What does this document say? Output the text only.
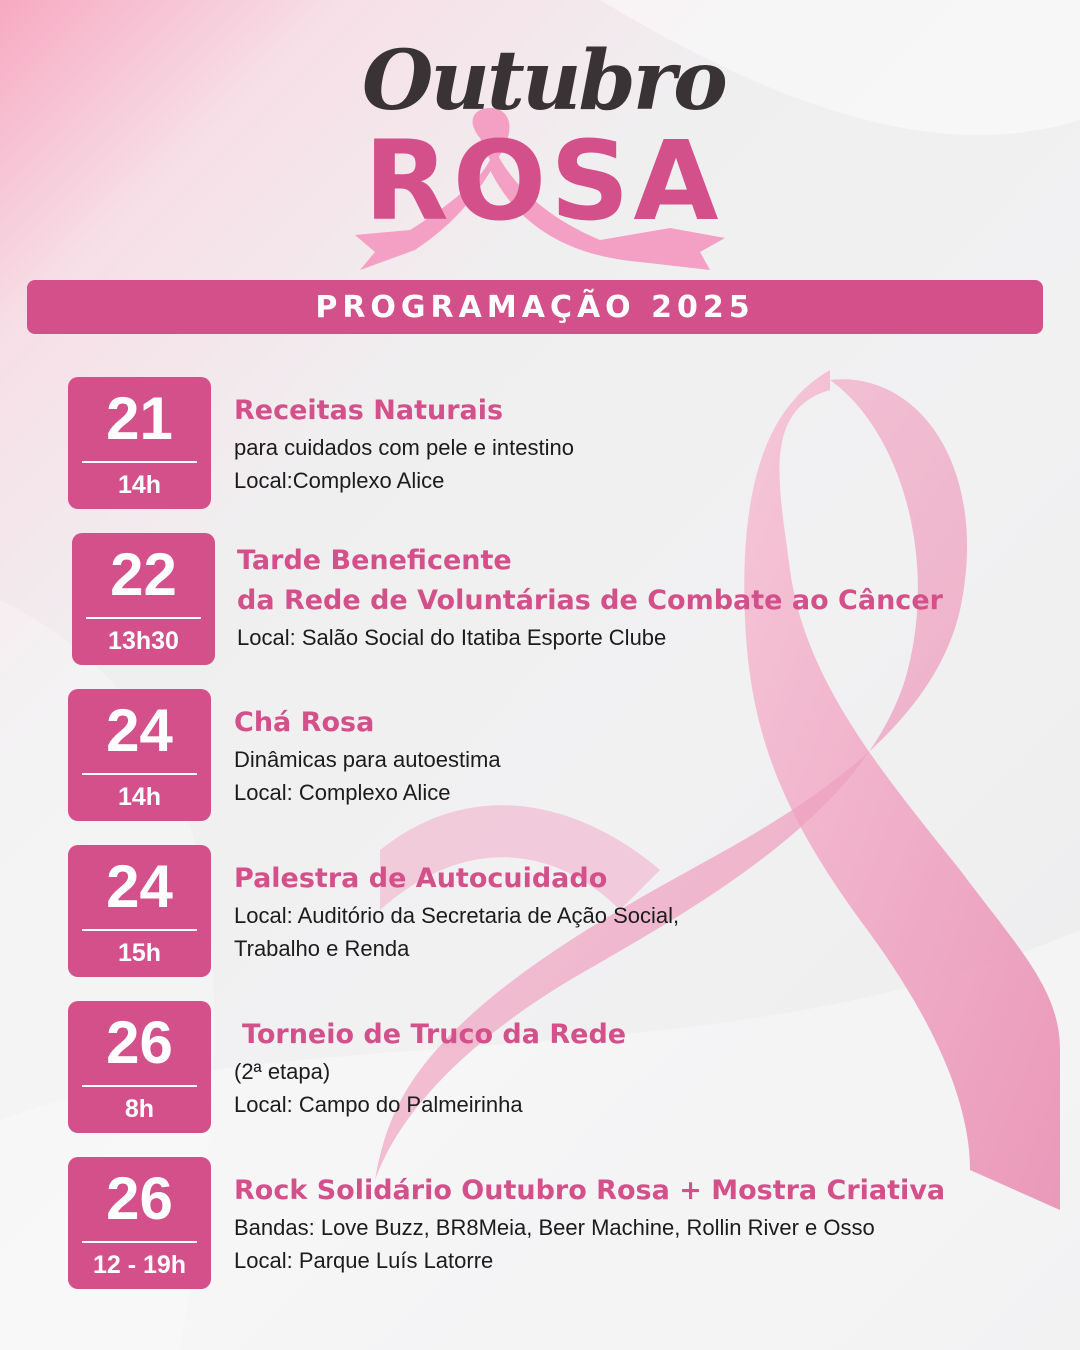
Outubro
ROSA
PROGRAMAÇÃO 2025
21
14h
Receitas Naturais
para cuidados com pele e intestino
Local:Complexo Alice
22
13h30
Tarde Beneficente
da Rede de Voluntárias de Combate ao Câncer
Local: Salão Social do Itatiba Esporte Clube
24
14h
Chá Rosa
Dinâmicas para autoestima
Local: Complexo Alice
24
15h
Palestra de Autocuidado
Local: Auditório da Secretaria de Ação Social,
Trabalho e Renda
26
8h
Torneio de Truco da Rede
(2ª etapa)
Local: Campo do Palmeirinha
26
12 - 19h
Rock Solidário Outubro Rosa + Mostra Criativa
Bandas: Love Buzz, BR8Meia, Beer Machine, Rollin River e Osso
Local: Parque Luís Latorre
